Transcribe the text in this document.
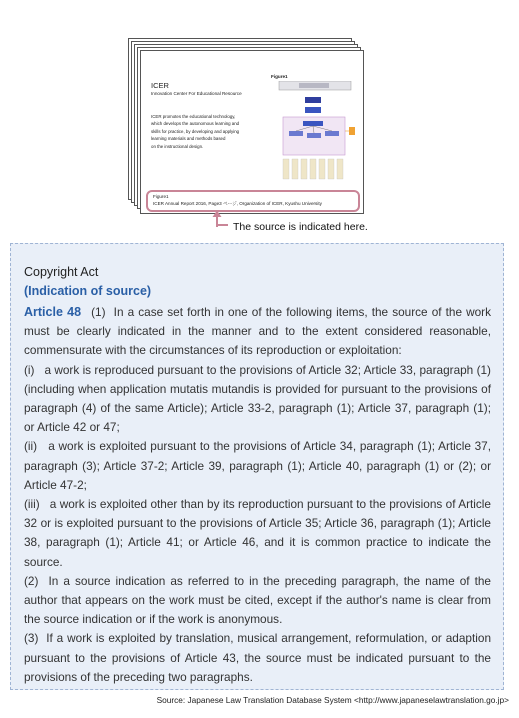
ICER
Innovation Center For Educational Resource
ICER promotes the educational technology,
which develops the autonomous learning and
skills for practice, by developing and applying
learning materials and methods based
on the instructional design.
Figure1
Figure1
ICER Annual Report 2016, Page3 ページ, Organization of ICER, Kyushu University
The source is indicated here.
Copyright Act
(Indication of source)

Article 48 (1)  In a case set forth in one of the following items, the source of the work must be clearly indicated in the manner and to the extent considered reasonable, commensurate with the circumstances of its reproduction or exploitation:

(i)   a work is reproduced pursuant to the provisions of Article 32; Article 33, paragraph (1) (including when application mutatis mutandis is provided for pursuant to the provisions of paragraph (4) of the same Article); Article 33-2, paragraph (1); Article 37, paragraph (1); or Article 42 or 47;

(ii)   a work is exploited pursuant to the provisions of Article 34, paragraph (1); Article 37, paragraph (3); Article 37-2; Article 39, paragraph (1); Article 40, paragraph (1) or (2); or Article 47-2;

(iii)   a work is exploited other than by its reproduction pursuant to the provisions of Article 32 or is exploited pursuant to the provisions of Article 35; Article 36, paragraph (1); Article 38, paragraph (1); Article 41; or Article 46, and it is common practice to indicate the source.

(2)  In a source indication as referred to in the preceding paragraph, the name of the author that appears on the work must be cited, except if the author's name is clear from the source indication or if the work is anonymous.

(3)  If a work is exploited by translation, musical arrangement, reformulation, or adaption pursuant to the provisions of Article 43, the source must be indicated pursuant to the provisions of the preceding two paragraphs.

Source: Japanese Law Translation Database System <http://www.japaneselawtranslation.go.jp>
